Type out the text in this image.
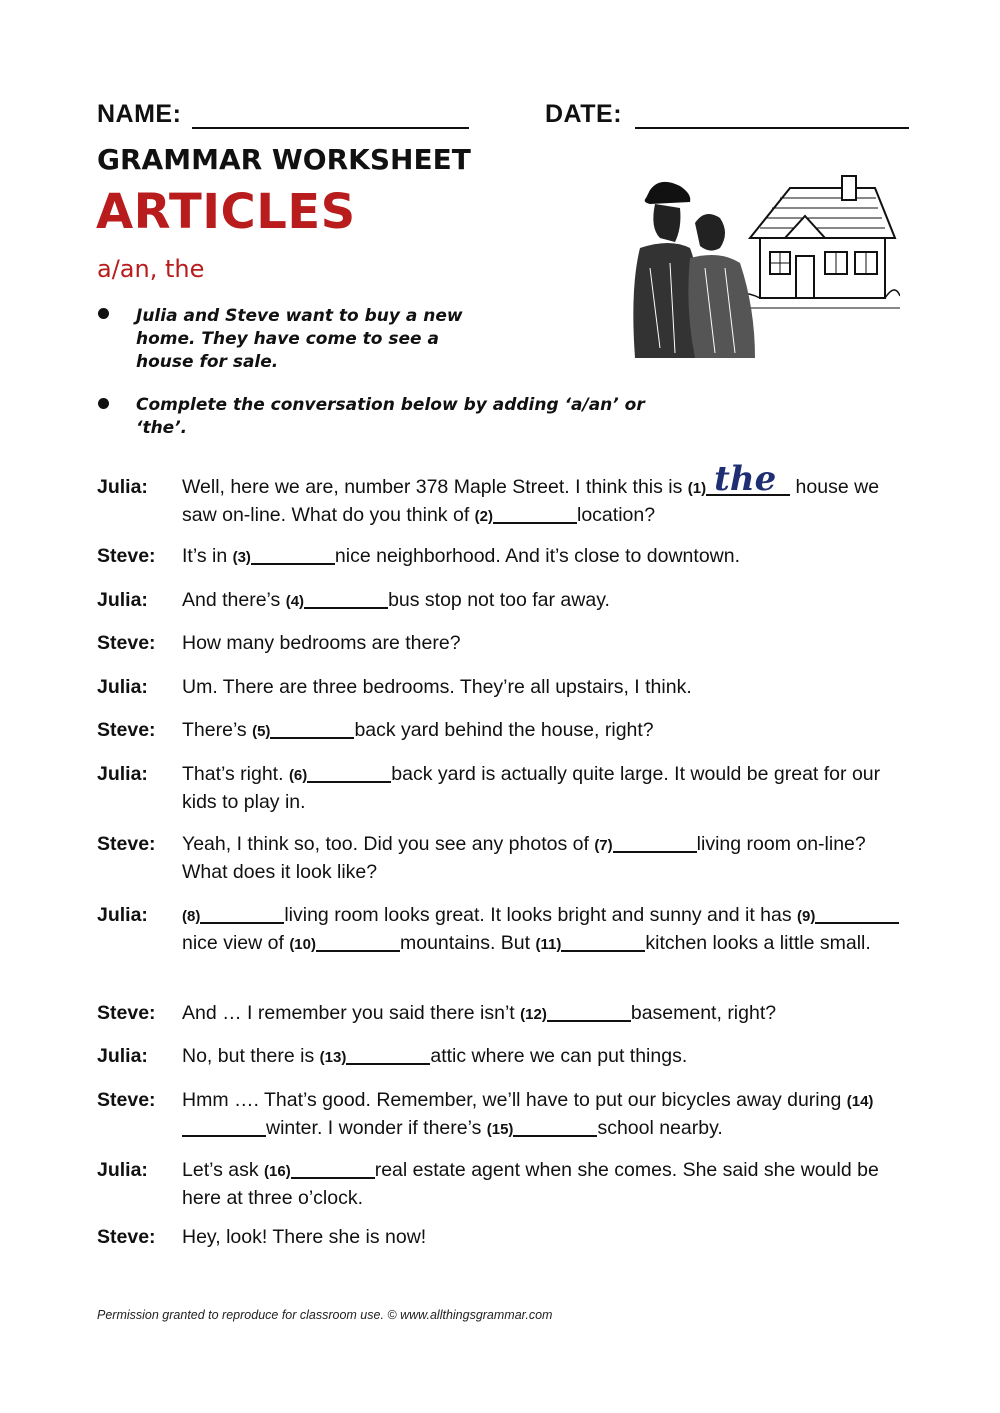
NAME:	DATE:
GRAMMAR WORKSHEET
ARTICLES
a/an, the
Julia and Steve want to buy a new home. They have come to see a house for sale.
Complete the conversation below by adding ‘a/an’ or ‘the’.
Julia: Well, here we are, number 378 Maple Street. I think this is (1) the house we saw on-line. What do you think of (2)	location?
Steve: It’s in (3)	nice neighborhood. And it’s close to downtown.
Julia: And there’s (4)	bus stop not too far away.
Steve: How many bedrooms are there?
Julia: Um. There are three bedrooms. They’re all upstairs, I think.
Steve: There’s (5)	back yard behind the house, right?
Julia: That’s right. (6)	back yard is actually quite large. It would be great for our kids to play in.
Steve: Yeah, I think so, too. Did you see any photos of (7)	living room on-line? What does it look like?
Julia: (8)	living room looks great. It looks bright and sunny and it has (9)nice view of (10)	mountains. But (11)	kitchen looks a little small.
Steve: And … I remember you said there isn’t (12)	basement, right?
Julia: No, but there is (13)	attic where we can put things.
Steve: Hmm …. That’s good. Remember, we’ll have to put our bicycles away during (14)winter. I wonder if there’s (15)	school nearby.
Julia: Let’s ask (16)	real estate agent when she comes. She said she would be here at three o’clock.
Steve: Hey, look! There she is now!
Permission granted to reproduce for classroom use. © www.allthingsgrammar.com
